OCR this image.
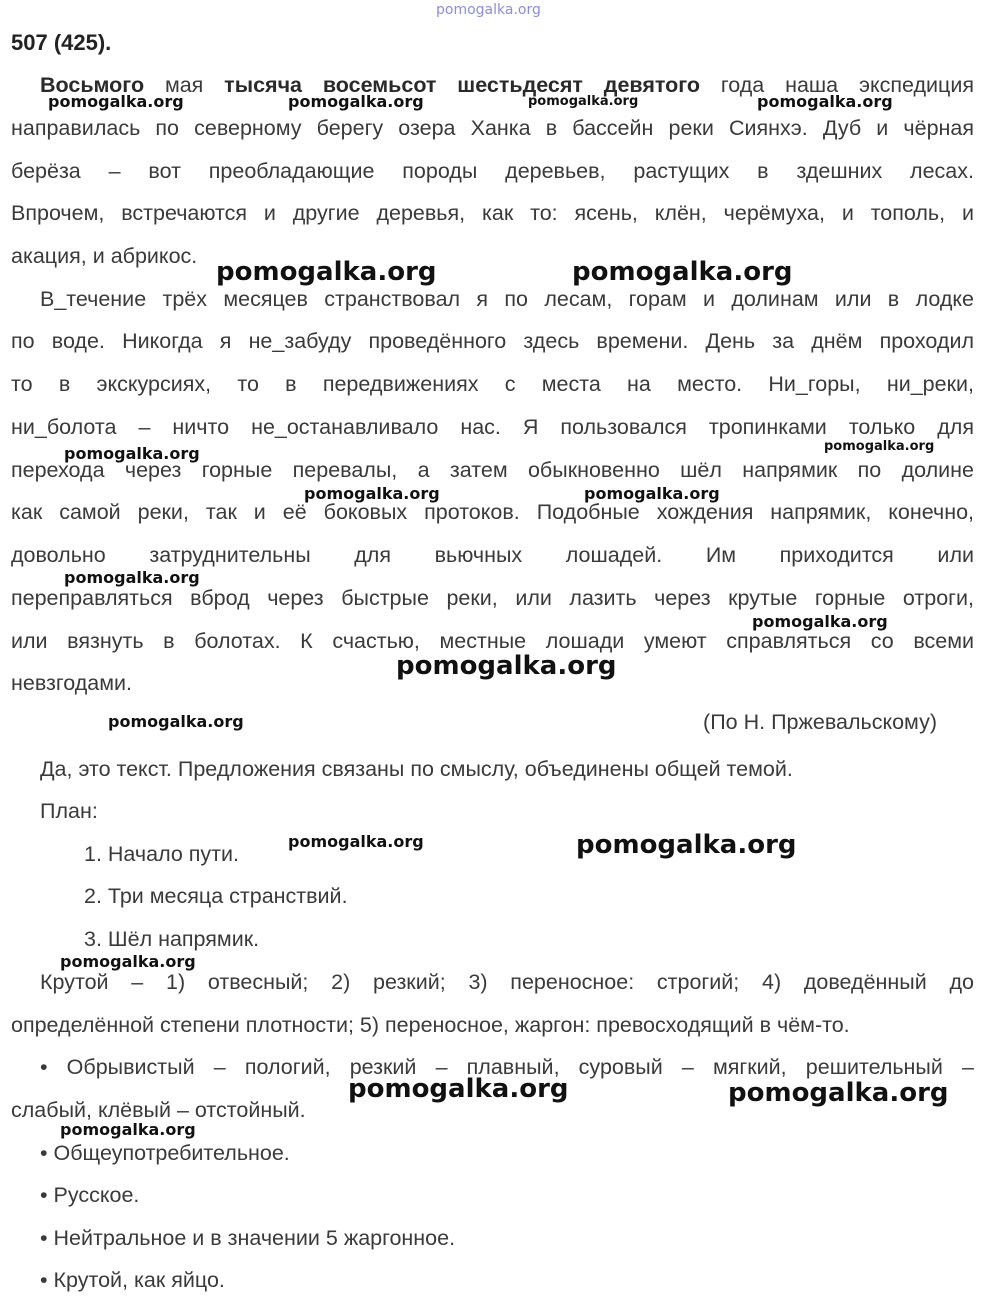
pomogalka.org
507 (425).
Восьмого мая тысяча восемьсот шестьдесят девятого года наша экспедиция
направилась по северному берегу озера Ханка в бассейн реки Сиянхэ. Дуб и чёрная
берёза – вот преобладающие породы деревьев, растущих в здешних лесах.
Впрочем, встречаются и другие деревья, как то: ясень, клён, черёмуха, и тополь, и
акация, и абрикос.
В_течение трёх месяцев странствовал я по лесам, горам и долинам или в лодке
по воде. Никогда я не_забуду проведённого здесь времени. День за днём проходил
то в экскурсиях, то в передвижениях с места на место. Ни_горы, ни_реки,
ни_болота – ничто не_останавливало нас. Я пользовался тропинками только для
перехода через горные перевалы, а затем обыкновенно шёл напрямик по долине
как самой реки, так и её боковых протоков. Подобные хождения напрямик, конечно,
довольно затруднительны для вьючных лошадей. Им приходится или
переправляться вброд через быстрые реки, или лазить через крутые горные отроги,
или вязнуть в болотах. К счастью, местные лошади умеют справляться со всеми
невзгодами.
(По Н. Пржевальскому)
Да, это текст. Предложения связаны по смыслу, объединены общей темой.
План:
1. Начало пути.
2. Три месяца странствий.
3. Шёл напрямик.
Крутой – 1) отвесный; 2) резкий; 3) переносное: строгий; 4) доведённый до
определённой степени плотности; 5) переносное, жаргон: превосходящий в чём-то.
• Обрывистый – пологий, резкий – плавный, суровый – мягкий, решительный –
слабый, клёвый – отстойный.
• Общеупотребительное.
• Русское.
• Нейтральное и в значении 5 жаргонное.
• Крутой, как яйцо.
pomogalka.org	pomogalka.org	pomogalka.org	pomogalka.org
pomogalka.org	pomogalka.org
pomogalka.org
pomogalka.org
pomogalka.org	pomogalka.org
pomogalka.org
pomogalka.org
pomogalka.org
pomogalka.org
pomogalka.org	pomogalka.org
pomogalka.org
pomogalka.org	pomogalka.org
pomogalka.org
